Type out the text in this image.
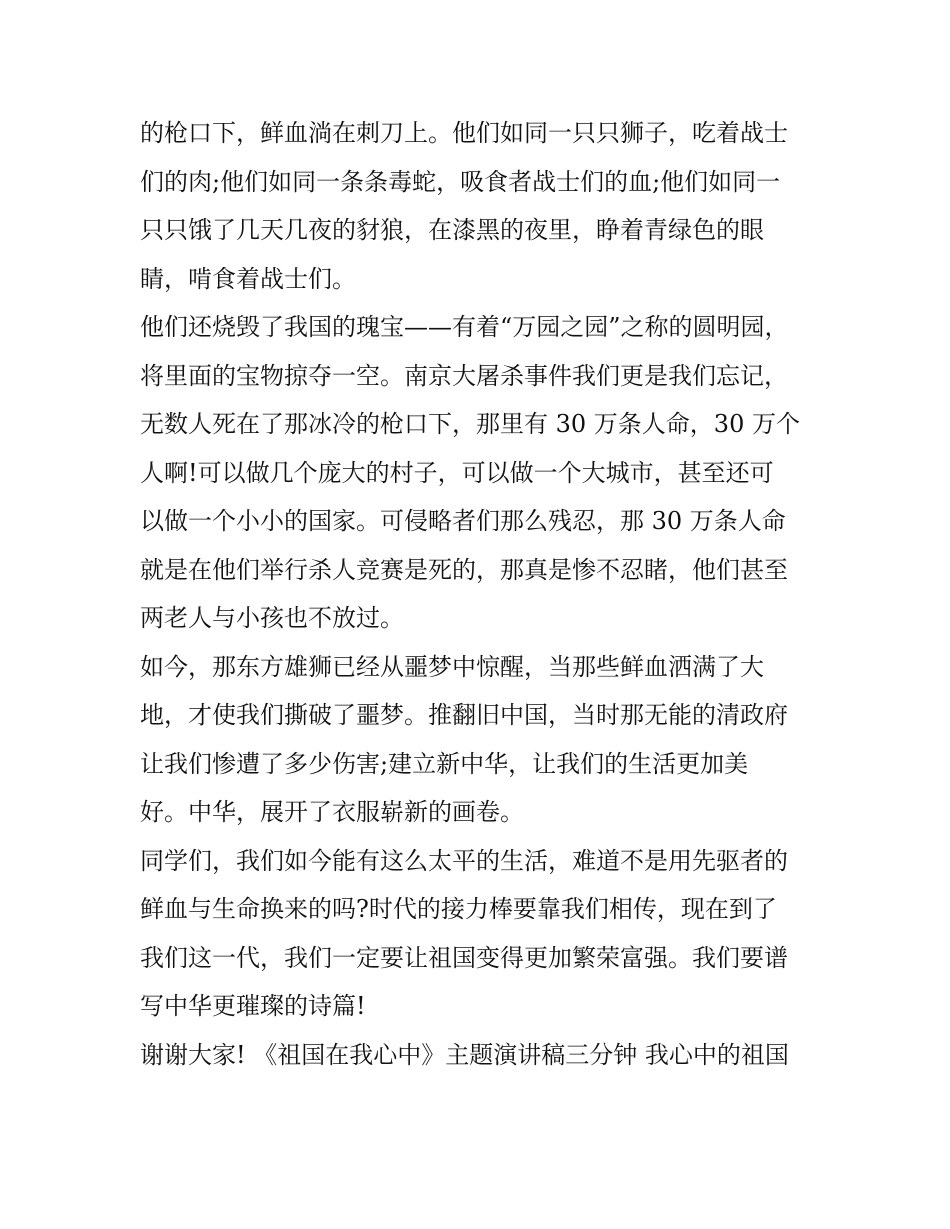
的枪口下，鲜血淌在刺刀上。他们如同一只只狮子，吃着战士
们的肉;他们如同一条条毒蛇，吸食者战士们的血;他们如同一
只只饿了几天几夜的豺狼，在漆黑的夜里，睁着青绿色的眼
睛，啃食着战士们。
他们还烧毁了我国的瑰宝——有着“万园之园”之称的圆明园，
将里面的宝物掠夺一空。南京大屠杀事件我们更是我们忘记，
无数人死在了那冰冷的枪口下，那里有 30 万条人命，30 万个
人啊!可以做几个庞大的村子，可以做一个大城市，甚至还可
以做一个小小的国家。可侵略者们那么残忍，那 30 万条人命
就是在他们举行杀人竞赛是死的，那真是惨不忍睹，他们甚至
两老人与小孩也不放过。
如今，那东方雄狮已经从噩梦中惊醒，当那些鲜血洒满了大
地，才使我们撕破了噩梦。推翻旧中国，当时那无能的清政府
让我们惨遭了多少伤害;建立新中华，让我们的生活更加美
好。中华，展开了衣服崭新的画卷。
同学们，我们如今能有这么太平的生活，难道不是用先驱者的
鲜血与生命换来的吗?时代的接力棒要靠我们相传，现在到了
我们这一代，我们一定要让祖国变得更加繁荣富强。我们要谱
写中华更璀璨的诗篇!
谢谢大家! 《祖国在我心中》主题演讲稿三分钟 我心中的祖国
